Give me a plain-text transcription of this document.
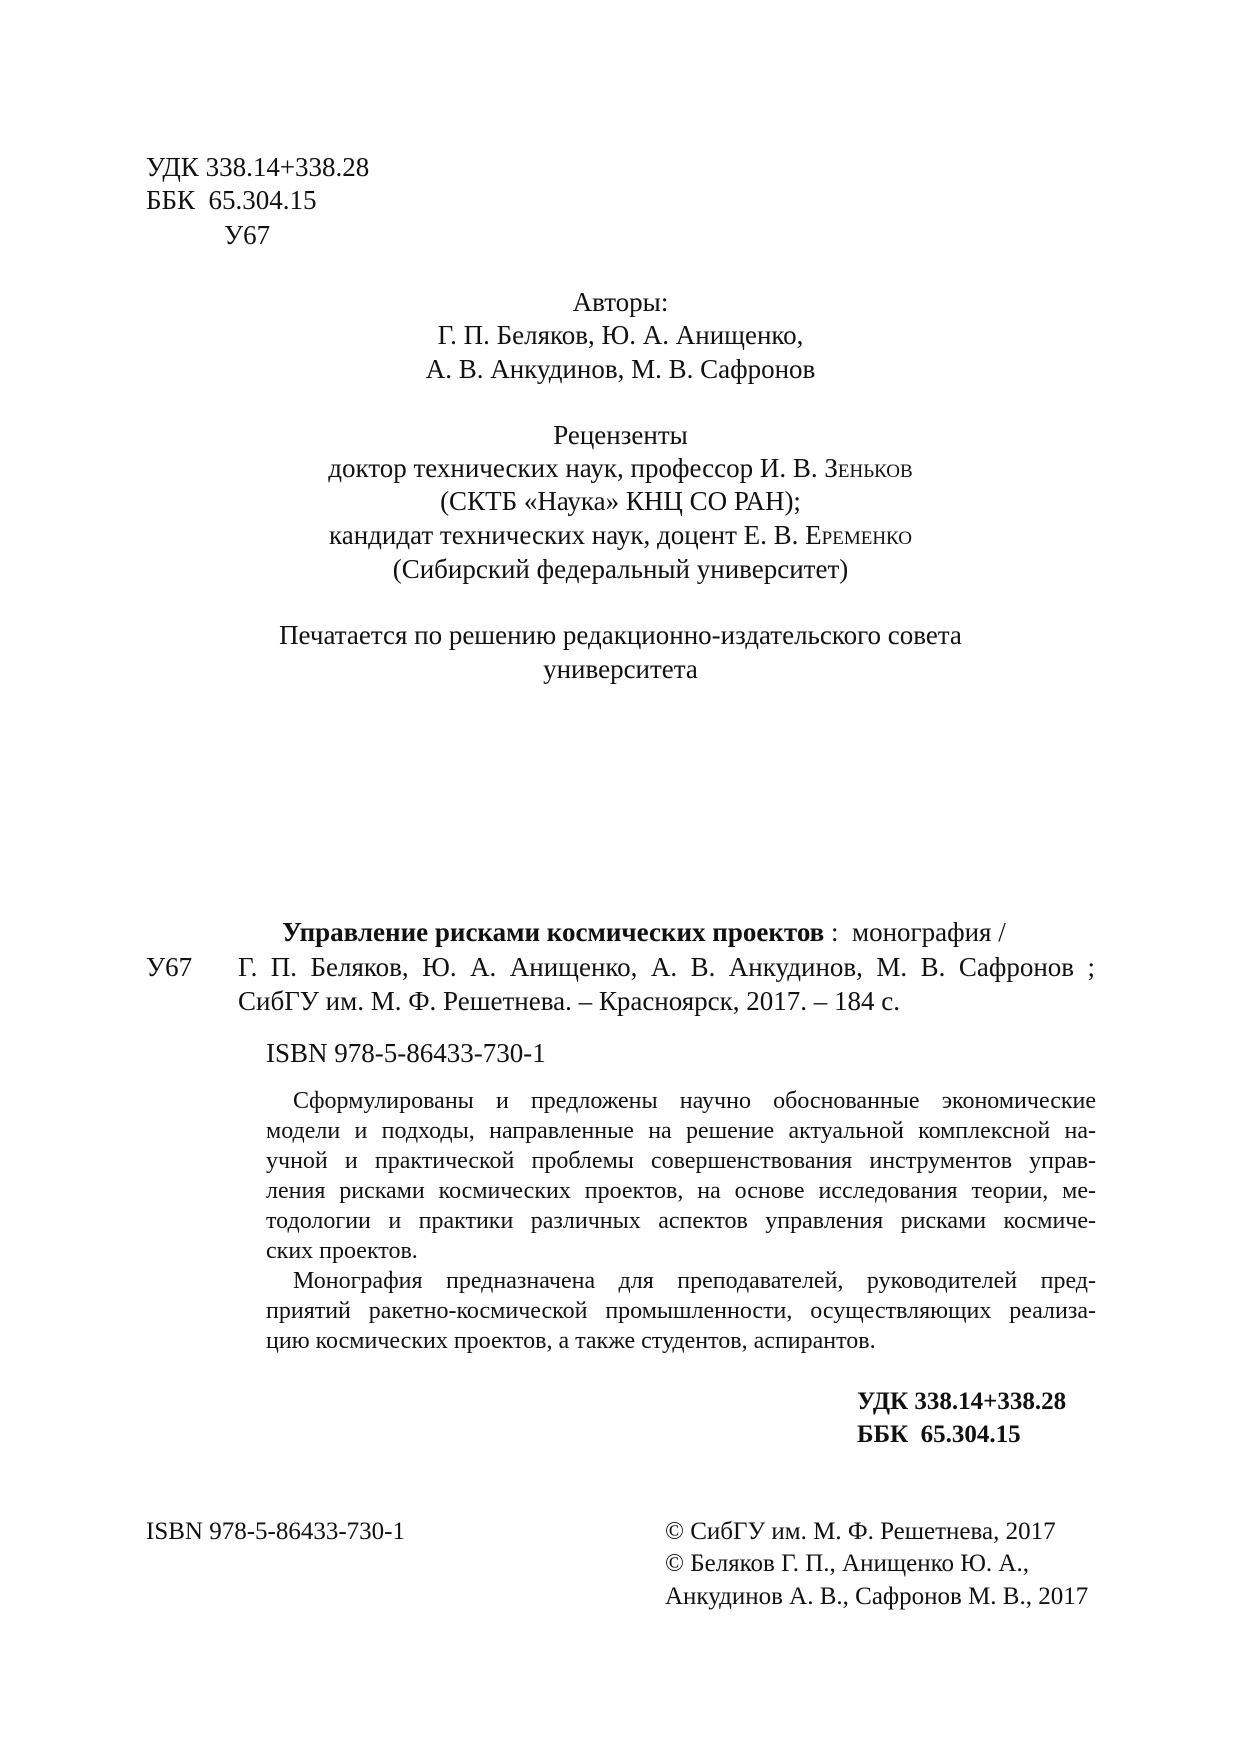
УДК 338.14+338.28
ББК  65.304.15
У67
Авторы:
Г. П. Беляков, Ю. А. Анищенко,
А. В. Анкудинов, М. В. Сафронов
Рецензенты
доктор технических наук, профессор И. В. Зеньков
(СКТБ «Наука» КНЦ СО РАН);
кандидат технических наук, доцент Е. В. Еременко
(Сибирский федеральный университет)
Печатается по решению редакционно-издательского совета
университета
Управление рисками космических проектов :  монография /
У67 Г. П. Беляков, Ю. А. Анищенко, А. В. Анкудинов, М. В. Сафронов ;
СибГУ им. М. Ф. Решетнева. – Красноярск, 2017. – 184 с.
ISBN 978-5-86433-730-1
Сформулированы и предложены научно обоснованные экономические
модели и подходы, направленные на решение актуальной комплексной на-
учной и практической проблемы совершенствования инструментов управ-
ления рисками космических проектов, на основе исследования теории, ме-
тодологии и практики различных аспектов управления рисками космиче-
ских проектов.
Монография предназначена для преподавателей, руководителей пред-
приятий ракетно-космической промышленности, осуществляющих реализа-
цию космических проектов, а также студентов, аспирантов.
УДК 338.14+338.28
ББК  65.304.15
ISBN 978-5-86433-730-1	© СибГУ им. М. Ф. Решетнева, 2017
© Беляков Г. П., Анищенко Ю. А.,
Анкудинов А. В., Сафронов М. В., 2017
